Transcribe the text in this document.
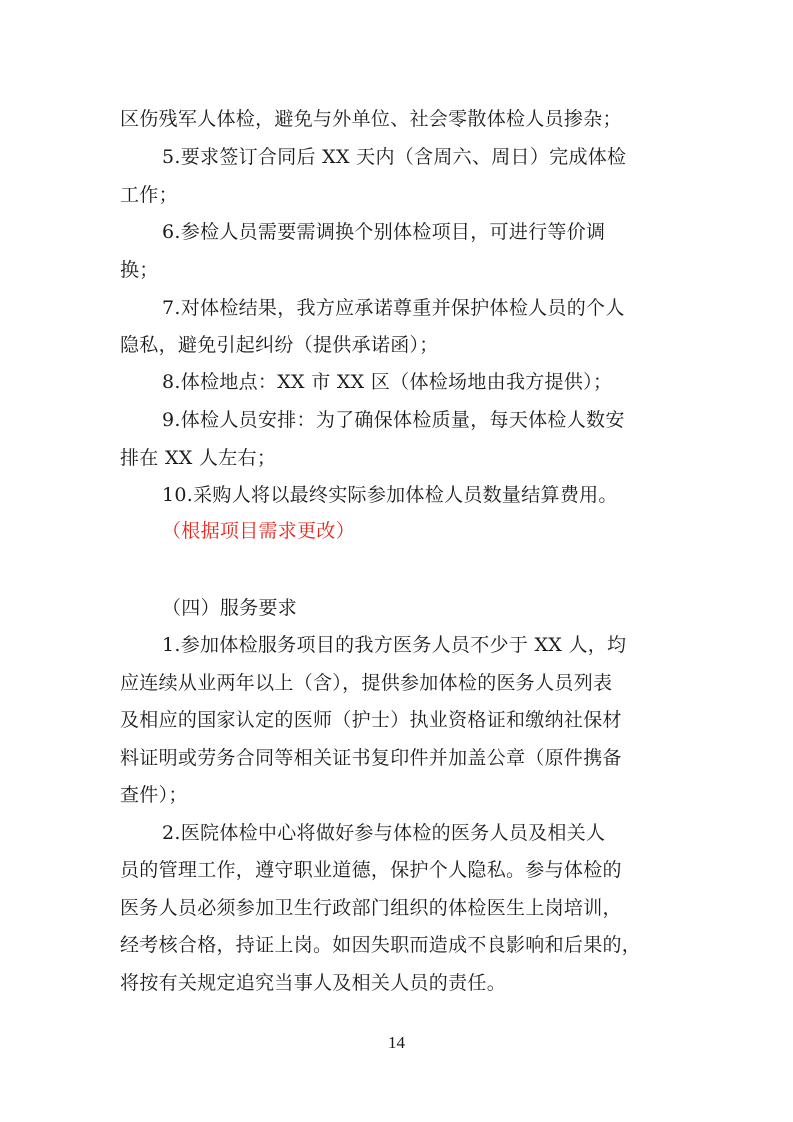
区伤残军人体检，避免与外单位、社会零散体检人员掺杂；
5.要求签订合同后 XX 天内（含周六、周日）完成体检
工作；
6.参检人员需要需调换个别体检项目，可进行等价调
换；
7.对体检结果，我方应承诺尊重并保护体检人员的个人
隐私，避免引起纠纷（提供承诺函）；
8.体检地点：XX 市 XX 区（体检场地由我方提供）；
9.体检人员安排：为了确保体检质量，每天体检人数安
排在 XX 人左右；
10.采购人将以最终实际参加体检人员数量结算费用。
（根据项目需求更改）
（四）服务要求
1.参加体检服务项目的我方医务人员不少于 XX 人，均
应连续从业两年以上（含），提供参加体检的医务人员列表
及相应的国家认定的医师（护士）执业资格证和缴纳社保材
料证明或劳务合同等相关证书复印件并加盖公章（原件携备
查件）；
2.医院体检中心将做好参与体检的医务人员及相关人
员的管理工作，遵守职业道德，保护个人隐私。参与体检的
医务人员必须参加卫生行政部门组织的体检医生上岗培训，
经考核合格，持证上岗。如因失职而造成不良影响和后果的，
将按有关规定追究当事人及相关人员的责任。
14
